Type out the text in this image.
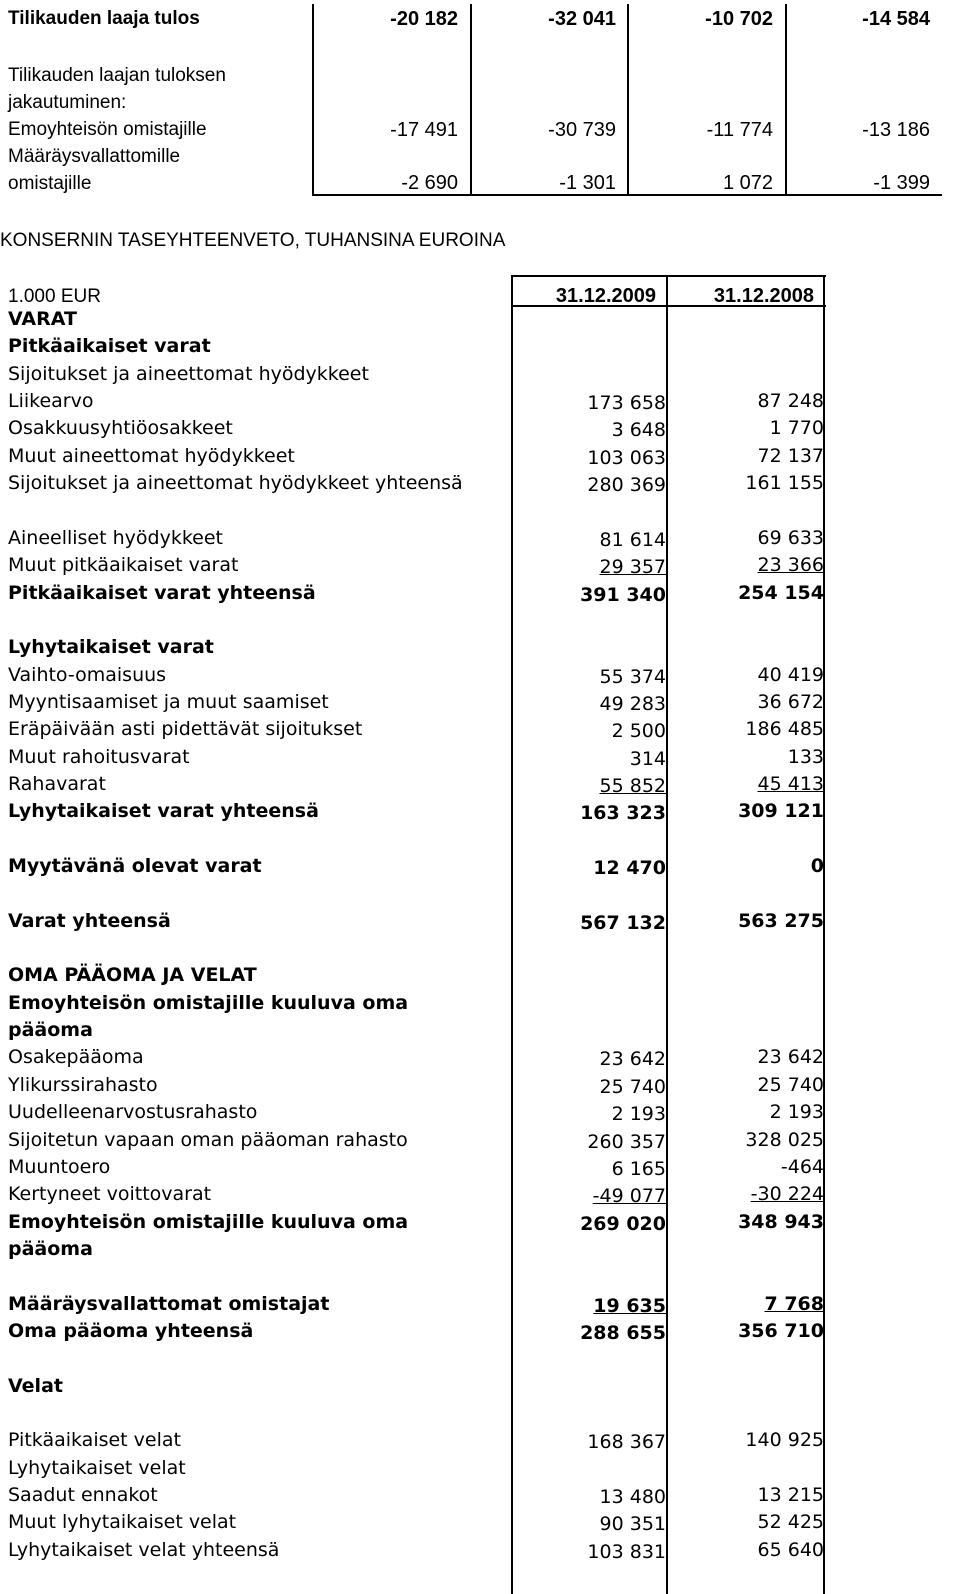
Tilikauden laaja tulos	-20 182	-32 041	-10 702	-14 584
Tilikauden laajan tuloksen
jakautuminen:
Emoyhteisön omistajille	-17 491	-30 739	-11 774	-13 186
Määräysvallattomille
omistajille	-2 690	-1 301	1 072	-1 399
KONSERNIN TASEYHTEENVETO, TUHANSINA EUROINA
1.000 EUR	31.12.2009	31.12.2008
VARAT
Pitkäaikaiset varat
Sijoitukset ja aineettomat hyödykkeet
Liikearvo	173 658	87 248
Osakkuusyhtiöosakkeet	3 648	1 770
Muut aineettomat hyödykkeet	103 063	72 137
Sijoitukset ja aineettomat hyödykkeet yhteensä	280 369	161 155
Aineelliset hyödykkeet	81 614	69 633
Muut pitkäaikaiset varat	29 357	23 366
Pitkäaikaiset varat yhteensä	391 340	254 154
Lyhytaikaiset varat
Vaihto-omaisuus	55 374	40 419
Myyntisaamiset ja muut saamiset	49 283	36 672
Eräpäivään asti pidettävät sijoitukset	2 500	186 485
Muut rahoitusvarat	314	133
Rahavarat	55 852	45 413
Lyhytaikaiset varat yhteensä	163 323	309 121
Myytävänä olevat varat	12 470	0
Varat yhteensä	567 132	563 275
OMA PÄÄOMA JA VELAT
Emoyhteisön omistajille kuuluva oma
pääoma
Osakepääoma	23 642	23 642
Ylikurssirahasto	25 740	25 740
Uudelleenarvostusrahasto	2 193	2 193
Sijoitetun vapaan oman pääoman rahasto	260 357	328 025
Muuntoero	6 165	-464
Kertyneet voittovarat	-49 077	-30 224
Emoyhteisön omistajille kuuluva oma	269 020	348 943
pääoma
Määräysvallattomat omistajat	19 635	7 768
Oma pääoma yhteensä	288 655	356 710
Velat
Pitkäaikaiset velat	168 367	140 925
Lyhytaikaiset velat
Saadut ennakot	13 480	13 215
Muut lyhytaikaiset velat	90 351	52 425
Lyhytaikaiset velat yhteensä	103 831	65 640
